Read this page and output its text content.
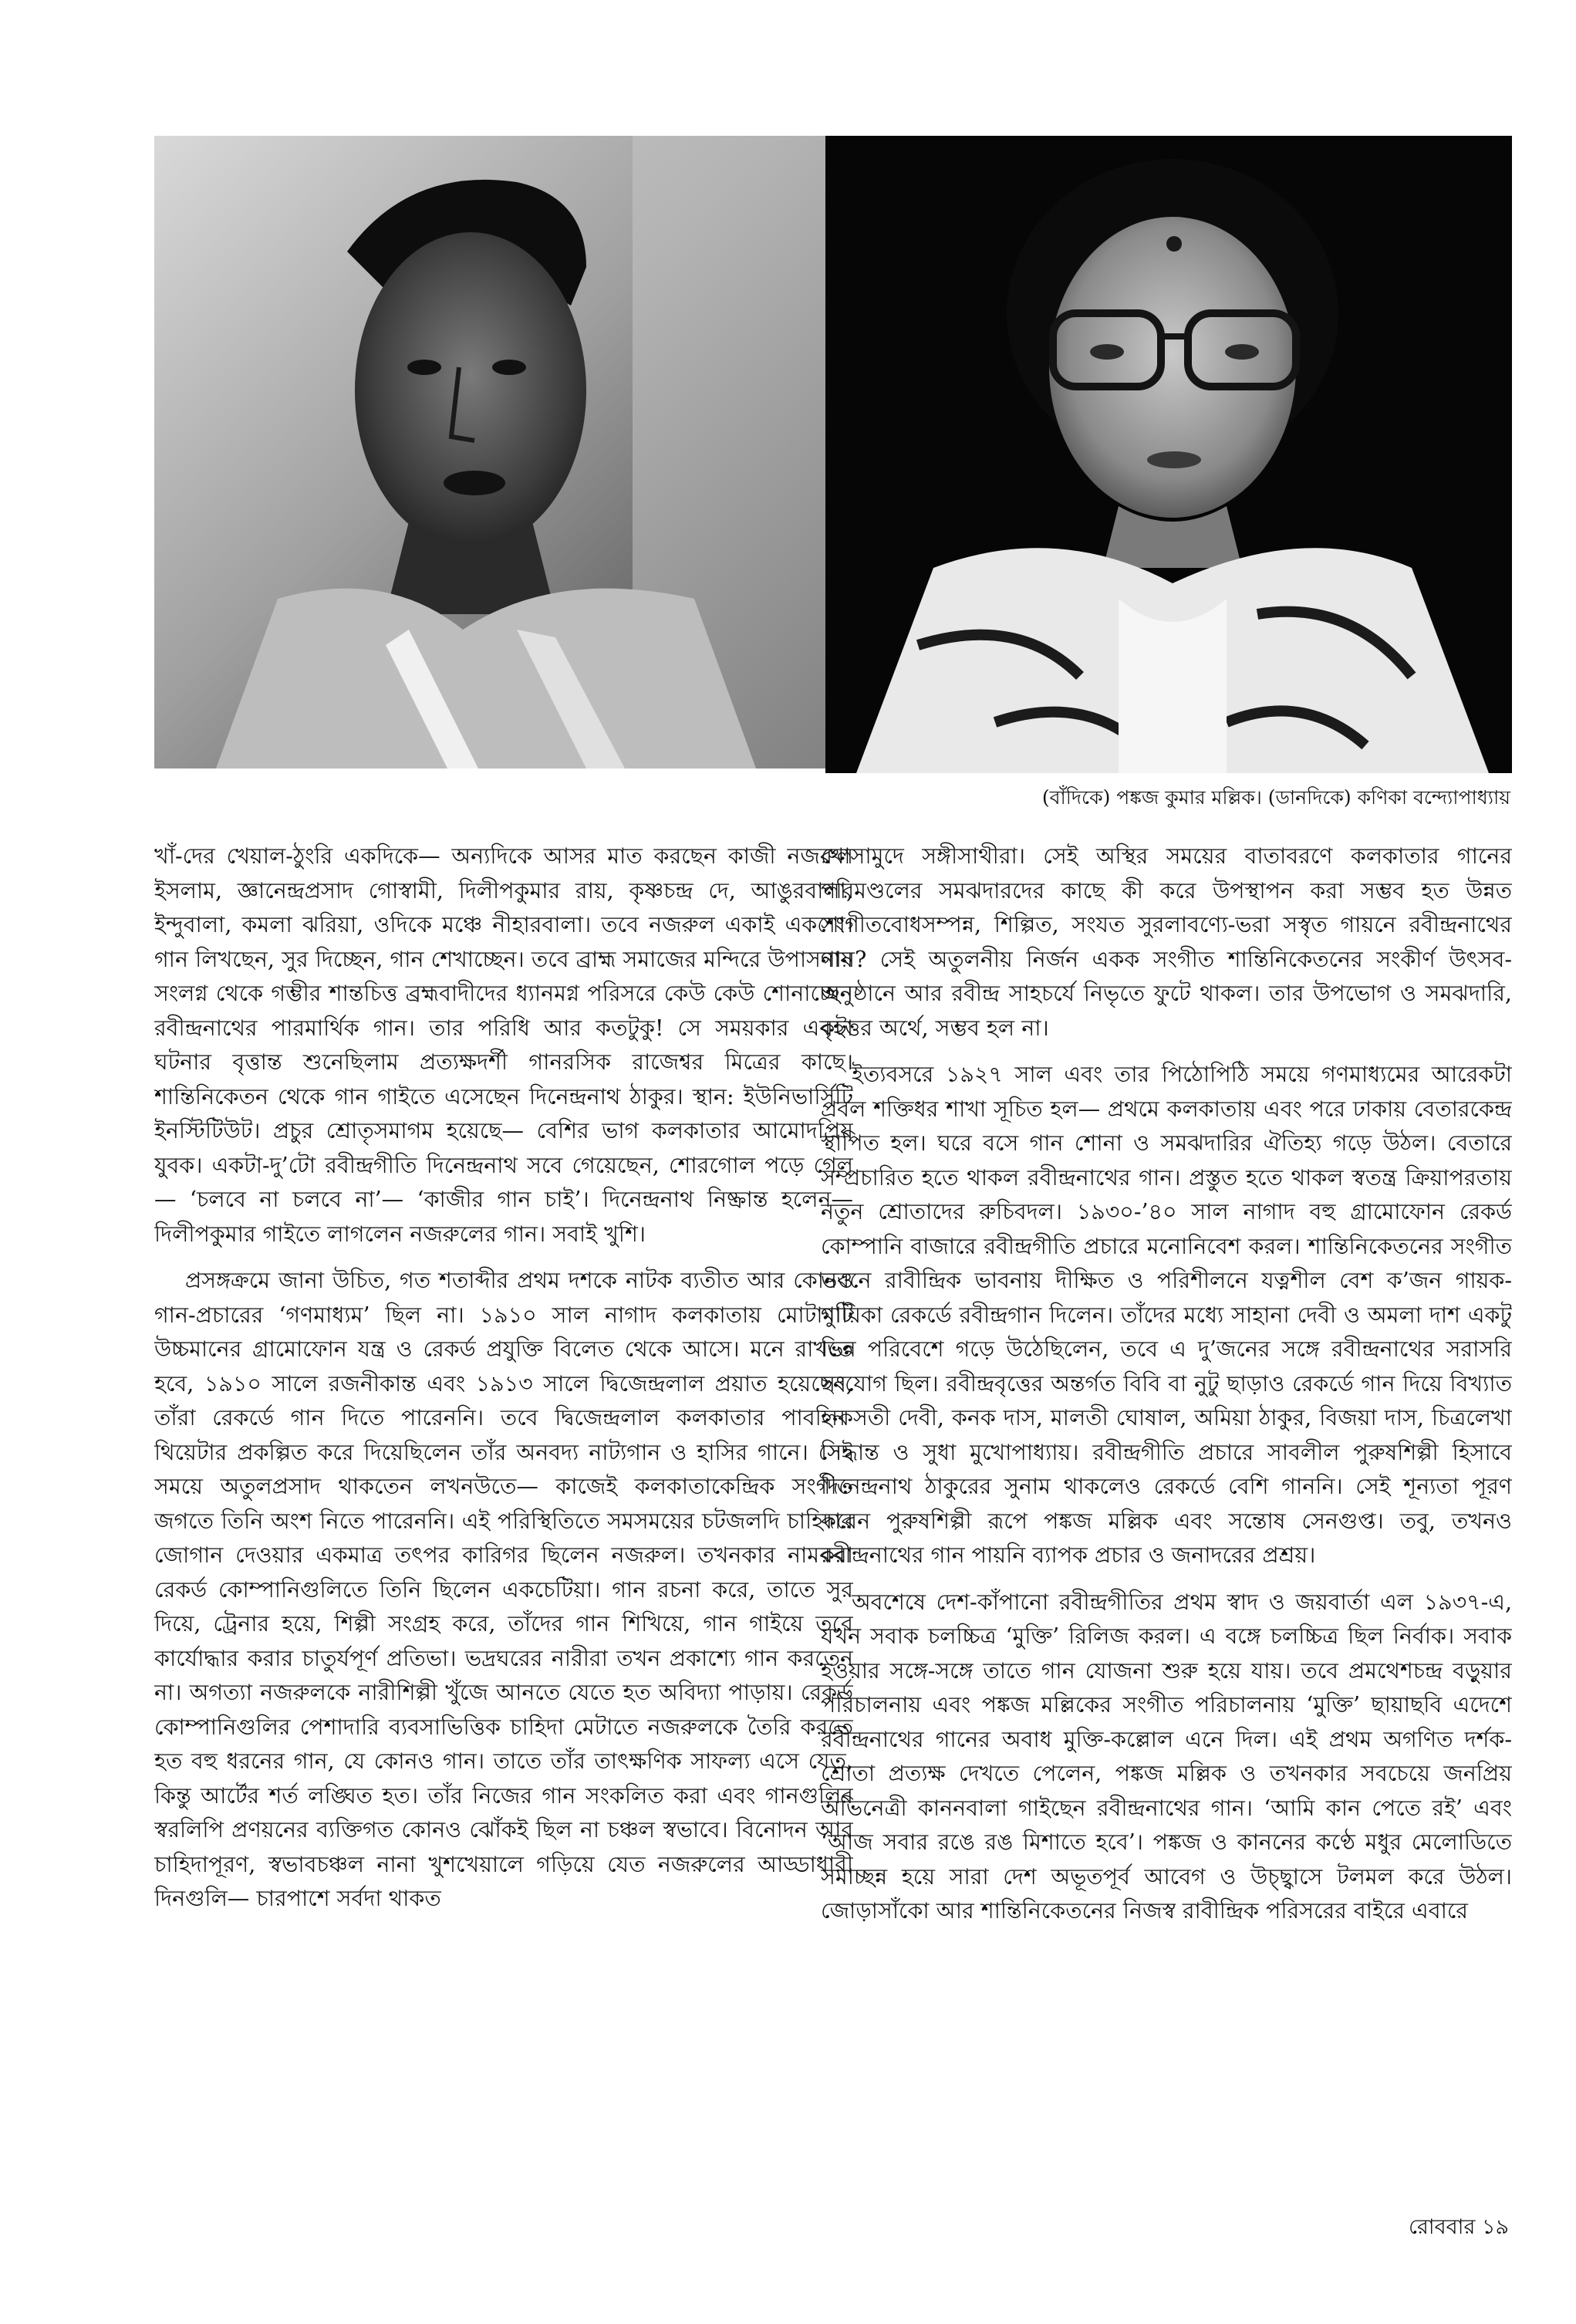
(বাঁদিকে) পঙ্কজ কুমার মল্লিক। (ডানদিকে) কণিকা বন্দ্যোপাধ্যায়

খাঁ-দের খেয়াল-ঠুংরি একদিকে— অন্যদিকে আসর মাত করছেন কাজী নজরুল ইসলাম, জ্ঞানেন্দ্রপ্রসাদ গোস্বামী, দিলীপকুমার রায়, কৃষ্ণচন্দ্র দে, আঙুরবালা, ইন্দুবালা, কমলা ঝরিয়া, ওদিকে মঞ্চে নীহারবালা। তবে নজরুল একাই একশো। গান লিখছেন, সুর দিচ্ছেন, গান শেখাচ্ছেন। তবে ব্রাহ্ম সমাজের মন্দিরে উপাসনায় সংলগ্ন থেকে গম্ভীর শান্তচিত্ত ব্রহ্মবাদীদের ধ্যানমগ্ন পরিসরে কেউ কেউ শোনাচ্ছেন রবীন্দ্রনাথের পারমার্থিক গান। তার পরিধি আর কতটুকু! সে সময়কার একটা ঘটনার বৃত্তান্ত শুনেছিলাম প্রত্যক্ষদর্শী গানরসিক রাজেশ্বর মিত্রের কাছে। শান্তিনিকেতন থেকে গান গাইতে এসেছেন দিনেন্দ্রনাথ ঠাকুর। স্থান: ইউনিভার্সিটি ইনস্টিটিউট। প্রচুর শ্রোতৃসমাগম হয়েছে— বেশির ভাগ কলকাতার আমোদপ্রিয় যুবক। একটা-দু’টো রবীন্দ্রগীতি দিনেন্দ্রনাথ সবে গেয়েছেন, শোরগোল পড়ে গেল— ‘চলবে না চলবে না’— ‘কাজীর গান চাই’। দিনেন্দ্রনাথ নিষ্ক্রান্ত হলেন— দিলীপকুমার গাইতে লাগলেন নজরুলের গান। সবাই খুশি।

প্রসঙ্গক্রমে জানা উচিত, গত শতাব্দীর প্রথম দশকে নাটক ব্যতীত আর কোনও গান-প্রচারের ‘গণমাধ্যম’ ছিল না। ১৯১০ সাল নাগাদ কলকাতায় মোটামুটি উচ্চমানের গ্রামোফোন যন্ত্র ও রেকর্ড প্রযুক্তি বিলেত থেকে আসে। মনে রাখতে হবে, ১৯১০ সালে রজনীকান্ত এবং ১৯১৩ সালে দ্বিজেন্দ্রলাল প্রয়াত হয়েছেন, তাঁরা রেকর্ডে গান দিতে পারেননি। তবে দ্বিজেন্দ্রলাল কলকাতার পাবলিক থিয়েটার প্রকল্পিত করে দিয়েছিলেন তাঁর অনবদ্য নাট্যগান ও হাসির গানে। সেই সময়ে অতুলপ্রসাদ থাকতেন লখনউতে— কাজেই কলকাতাকেন্দ্রিক সংগীত জগতে তিনি অংশ নিতে পারেননি। এই পরিস্থিতিতে সমসময়ের চটজলদি চাহিদার জোগান দেওয়ার একমাত্র তৎপর কারিগর ছিলেন নজরুল। তখনকার নামকরা রেকর্ড কোম্পানিগুলিতে তিনি ছিলেন একচেটিয়া। গান রচনা করে, তাতে সুর দিয়ে, ট্রেনার হয়ে, শিল্পী সংগ্রহ করে, তাঁদের গান শিখিয়ে, গান গাইয়ে তবে কার্যোদ্ধার করার চাতুর্যপূর্ণ প্রতিভা। ভদ্রঘরের নারীরা তখন প্রকাশ্যে গান করতেন না। অগত্যা নজরুলকে নারীশিল্পী খুঁজে আনতে যেতে হত অবিদ্যা পাড়ায়। রেকর্ড কোম্পানিগুলির পেশাদারি ব্যবসাভিত্তিক চাহিদা মেটাতে নজরুলকে তৈরি করতে হত বহু ধরনের গান, যে কোনও গান। তাতে তাঁর তাৎক্ষণিক সাফল্য এসে যেত, কিন্তু আর্টের শর্ত লঙ্ঘিত হত। তাঁর নিজের গান সংকলিত করা এবং গানগুলির স্বরলিপি প্রণয়নের ব্যক্তিগত কোনও ঝোঁকই ছিল না চঞ্চল স্বভাবে। বিনোদন আর চাহিদাপূরণ, স্বভাবচঞ্চল নানা খুশখেয়ালে গড়িয়ে যেত নজরুলের আড্ডাধারী দিনগুলি— চারপাশে সর্বদা থাকত

খোসামুদে সঙ্গীসাথীরা। সেই অস্থির সময়ের বাতাবরণে কলকাতার গানের পরিমণ্ডলের সমঝদারদের কাছে কী করে উপস্থাপন করা সম্ভব হত উন্নত সংগীতবোধসম্পন্ন, শিল্পিত, সংযত সুরলাবণ্যে-ভরা সস্বৃত গায়নে রবীন্দ্রনাথের গান? সেই অতুলনীয় নির্জন একক সংগীত শান্তিনিকেতনের সংকীর্ণ উৎসব-অনুষ্ঠানে আর রবীন্দ্র সাহচর্যে নিভৃতে ফুটে থাকল। তার উপভোগ ও সমঝদারি, বৃহত্তর অর্থে, সম্ভব হল না।

ইত্যবসরে ১৯২৭ সাল এবং তার পিঠোপিঠি সময়ে গণমাধ্যমের আরেকটা প্রবল শক্তিধর শাখা সূচিত হল— প্রথমে কলকাতায় এবং পরে ঢাকায় বেতারকেন্দ্র স্থাপিত হল। ঘরে বসে গান শোনা ও সমঝদারির ঐতিহ্য গড়ে উঠল। বেতারে সম্প্রচারিত হতে থাকল রবীন্দ্রনাথের গান। প্রস্তুত হতে থাকল স্বতন্ত্র ক্রিয়াপরতায় নতুন শ্রোতাদের রুচিবদল। ১৯৩০-’৪০ সাল নাগাদ বহু গ্রামোফোন রেকর্ড কোম্পানি বাজারে রবীন্দ্রগীতি প্রচারে মনোনিবেশ করল। শান্তিনিকেতনের সংগীত ভবনে রাবীন্দ্রিক ভাবনায় দীক্ষিত ও পরিশীলনে যত্নশীল বেশ ক’জন গায়ক-গায়িকা রেকর্ডে রবীন্দ্রগান দিলেন। তাঁদের মধ্যে সাহানা দেবী ও অমলা দাশ একটু ভিন্ন পরিবেশে গড়ে উঠেছিলেন, তবে এ দু’জনের সঙ্গে রবীন্দ্রনাথের সরাসরি সংযোগ ছিল। রবীন্দ্রবৃত্তের অন্তর্গত বিবি বা নুটু ছাড়াও রেকর্ডে গান দিয়ে বিখ্যাত হন সতী দেবী, কনক দাস, মালতী ঘোষাল, অমিয়া ঠাকুর, বিজয়া দাস, চিত্রলেখা সিদ্ধান্ত ও সুধা মুখোপাধ্যায়। রবীন্দ্রগীতি প্রচারে সাবলীল পুরুষশিল্পী হিসাবে দিনেন্দ্রনাথ ঠাকুরের সুনাম থাকলেও রেকর্ডে বেশি গাননি। সেই শূন্যতা পূরণ করেন পুরুষশিল্পী রূপে পঙ্কজ মল্লিক এবং সন্তোষ সেনগুপ্ত। তবু, তখনও রবীন্দ্রনাথের গান পায়নি ব্যাপক প্রচার ও জনাদরের প্রশ্রয়।

অবশেষে দেশ-কাঁপানো রবীন্দ্রগীতির প্রথম স্বাদ ও জয়বার্তা এল ১৯৩৭-এ, যখন সবাক চলচ্চিত্র ‘মুক্তি’ রিলিজ করল। এ বঙ্গে চলচ্চিত্র ছিল নির্বাক। সবাক হওয়ার সঙ্গে-সঙ্গে তাতে গান যোজনা শুরু হয়ে যায়। তবে প্রমথেশচন্দ্র বড়ুয়ার পরিচালনায় এবং পঙ্কজ মল্লিকের সংগীত পরিচালনায় ‘মুক্তি’ ছায়াছবি এদেশে রবীন্দ্রনাথের গানের অবাধ মুক্তি-কল্লোল এনে দিল। এই প্রথম অগণিত দর্শক-শ্রোতা প্রত্যক্ষ দেখতে পেলেন, পঙ্কজ মল্লিক ও তখনকার সবচেয়ে জনপ্রিয় অভিনেত্রী কাননবালা গাইছেন রবীন্দ্রনাথের গান। ‘আমি কান পেতে রই’ এবং ‘আজ সবার রঙে রঙ মিশাতে হবে’। পঙ্কজ ও কাননের কণ্ঠে মধুর মেলোডিতে সমাচ্ছন্ন হয়ে সারা দেশ অভূতপূর্ব আবেগ ও উচ্ছ্বাসে টলমল করে উঠল। জোড়াসাঁকো আর শান্তিনিকেতনের নিজস্ব রাবীন্দ্রিক পরিসরের বাইরে এবারে

রোববার ১৯
